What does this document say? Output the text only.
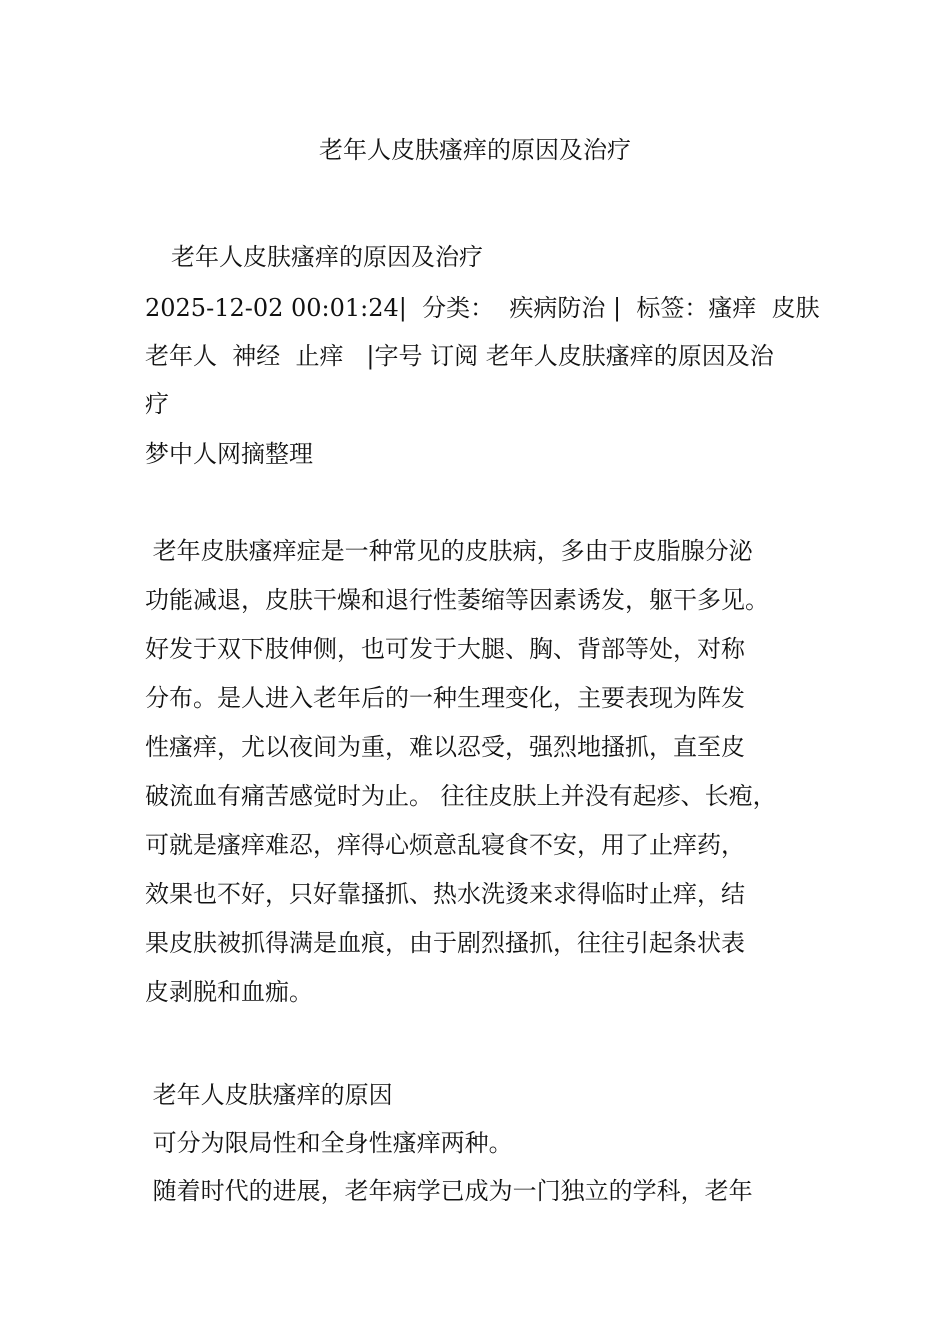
老年人皮肤瘙痒的原因及治疗
老年人皮肤瘙痒的原因及治疗
2025-12-02 00:01:24|  分类：  疾病防治 |  标签：瘙痒  皮肤
老年人  神经  止痒   |字号 订阅 老年人皮肤瘙痒的原因及治
疗
梦中人网摘整理
老年皮肤瘙痒症是一种常见的皮肤病，多由于皮脂腺分泌
功能减退，皮肤干燥和退行性萎缩等因素诱发，躯干多见。
好发于双下肢伸侧，也可发于大腿、胸、背部等处，对称
分布。是人进入老年后的一种生理变化，主要表现为阵发
性瘙痒，尤以夜间为重，难以忍受，强烈地搔抓，直至皮
破流血有痛苦感觉时为止。 往往皮肤上并没有起疹、长疱，
可就是瘙痒难忍，痒得心烦意乱寝食不安，用了止痒药，
效果也不好，只好靠搔抓、热水洗烫来求得临时止痒，结
果皮肤被抓得满是血痕，由于剧烈搔抓，往往引起条状表
皮剥脱和血痂。
老年人皮肤瘙痒的原因
可分为限局性和全身性瘙痒两种。
随着时代的进展，老年病学已成为一门独立的学科，老年
